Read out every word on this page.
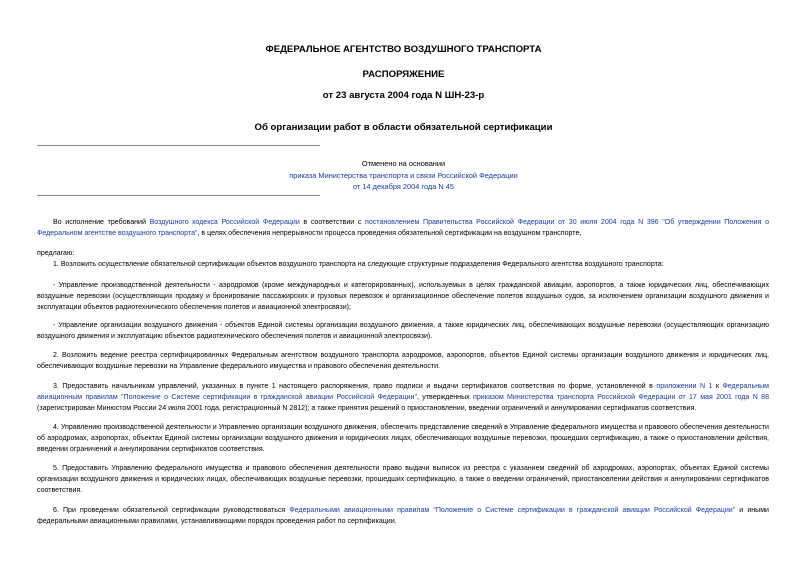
ФЕДЕРАЛЬНОЕ АГЕНТСТВО ВОЗДУШНОГО ТРАНСПОРТА
РАСПОРЯЖЕНИЕ
от 23 августа 2004 года N ШН-23-р
Об организации работ в области обязательной сертификации
Отменено на основании
приказа Министерства транспорта и связи Российской Федерации
от 14 декабря 2004 года N 45

Во исполнение требований Воздушного кодекса Российской Федерации в соответствии с постановлением Правительства Российской Федерации от 30 июля 2004 года N 396 "Об утверждении Положения о Федеральном агентстве воздушного транспорта", в целях обеспечения непрерывности процесса проведения обязательной сертификации на воздушном транспорте,

предлагаю:

1. Возложить осуществление обязательной сертификации объектов воздушного транспорта на следующие структурные подразделения Федерального агентства воздушного транспорта:

- Управление производственной деятельности - аэродромов (кроме международных и категорированных), используемых в целях гражданской авиации, аэропортов, а также юридических лиц, обеспечивающих воздушные перевозки (осуществляющих продажу и бронирование пассажирских и грузовых перевозок и организационное обеспечение полетов воздушных судов, за исключением организации воздушного движения и эксплуатации объектов радиотехнического обеспечения полетов и авиационной электросвязи);

- Управление организации воздушного движения - объектов Единой системы организации воздушного движения, а также юридических лиц, обеспечивающих воздушные перевозки (осуществляющих организацию воздушного движения и эксплуатацию объектов радиотехнического обеспечения полетов и авиационной электросвязи).

2. Возложить ведение реестра сертифицированных Федеральным агентством воздушного транспорта аэродромов, аэропортов, объектов Единой системы организации воздушного движения и юридических лиц, обеспечивающих воздушные перевозки на Управление федерального имущества и правового обеспечения деятельности.

3. Предоставить начальникам управлений, указанных в пункте 1 настоящего распоряжения, право подписи и выдачи сертификатов соответствия по форме, установленной в приложении N 1 к Федеральным авиационным правилам "Положение о Системе сертификации в гражданской авиации Российской Федерации", утвержденных приказом Министерства транспорта Российской Федерации от 17 мая 2001 года N 88 (зарегистрирован Минюстом России 24 июля 2001 года, регистрационный N 2812); а также принятия решений о приостановлении, введении ограничений и аннулировании сертификатов соответствия.

4. Управлению производственной деятельности и Управлению организации воздушного движения, обеспечить представление сведений в Управление федерального имущества и правового обеспечения деятельности об аэродромах, аэропортах, объектах Единой системы организации воздушного движения и юридических лицах, обеспечивающих воздушные перевозки, прошедших сертификацию, а также о приостановлении действия, введении ограничений и аннулировании сертификатов соответствия.

5. Предоставить Управлению федерального имущества и правового обеспечения деятельности право выдачи выписок из реестра с указанием сведений об аэродромах, аэропортах, объектах Единой системы организации воздушного движения и юридических лицах, обеспечивающих воздушные перевозки, прошедших сертификацию, а также о введении ограничений, приостановлении действия и аннулировании сертификатов соответствия.

6. При проведении обязательной сертификации руководствоваться Федеральными авиационными правилам "Положение о Системе сертификации в гражданской авиации Российской Федерации" и иными федеральными авиационными правилами, устанавливающими порядок проведения работ по сертификации.
